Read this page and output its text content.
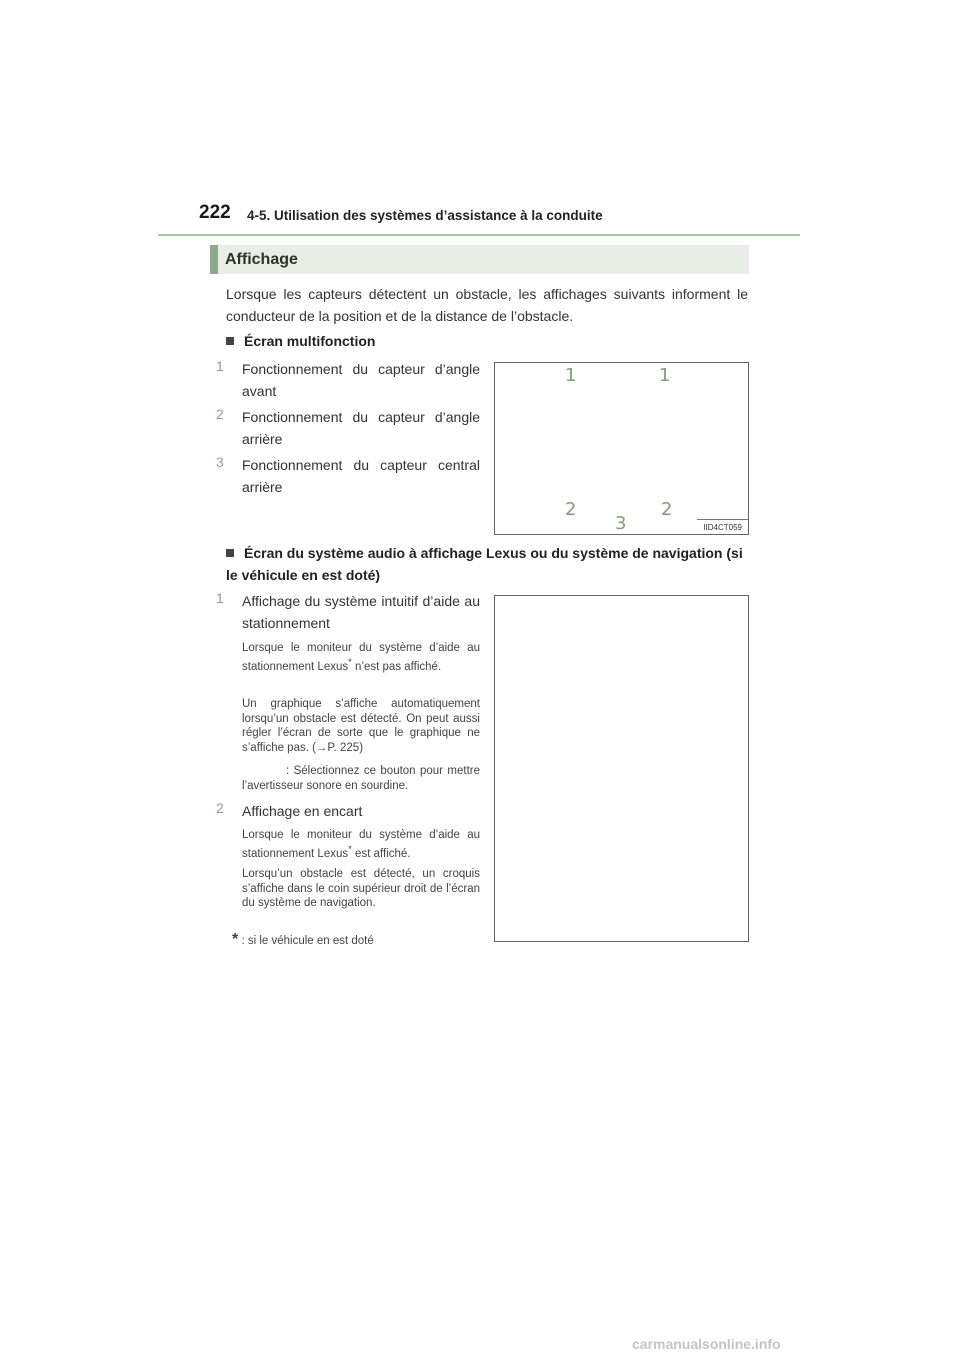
222 4-5. Utilisation des systèmes d’assistance à la conduite
Affichage
Lorsque les capteurs détectent un obstacle, les affichages suivants informent le conducteur de la position et de la distance de l’obstacle.
Écran multifonction
1 Fonctionnement du capteur d’angle avant
2 Fonctionnement du capteur d’angle arrière
3 Fonctionnement du capteur central arrière
1	1
2
3
2
IID4CT059
Écran du système audio à affichage Lexus ou du système de navigation (si le véhicule en est doté)
1 Affichage du système intuitif d’aide au stationnement
Lorsque le moniteur du système d’aide au stationnement Lexus* n’est pas affiché.
Un graphique s’affiche automatiquement lorsqu’un obstacle est détecté. On peut aussi régler l’écran de sorte que le graphique ne s’affiche pas. (→P. 225)
: Sélectionnez ce bouton pour mettre l’avertisseur sonore en sourdine.
2 Affichage en encart
Lorsque le moniteur du système d’aide au stationnement Lexus* est affiché.
Lorsqu’un obstacle est détecté, un croquis s’affiche dans le coin supérieur droit de l’écran du système de navigation.
* : si le véhicule en est doté
carmanualsonline.info
